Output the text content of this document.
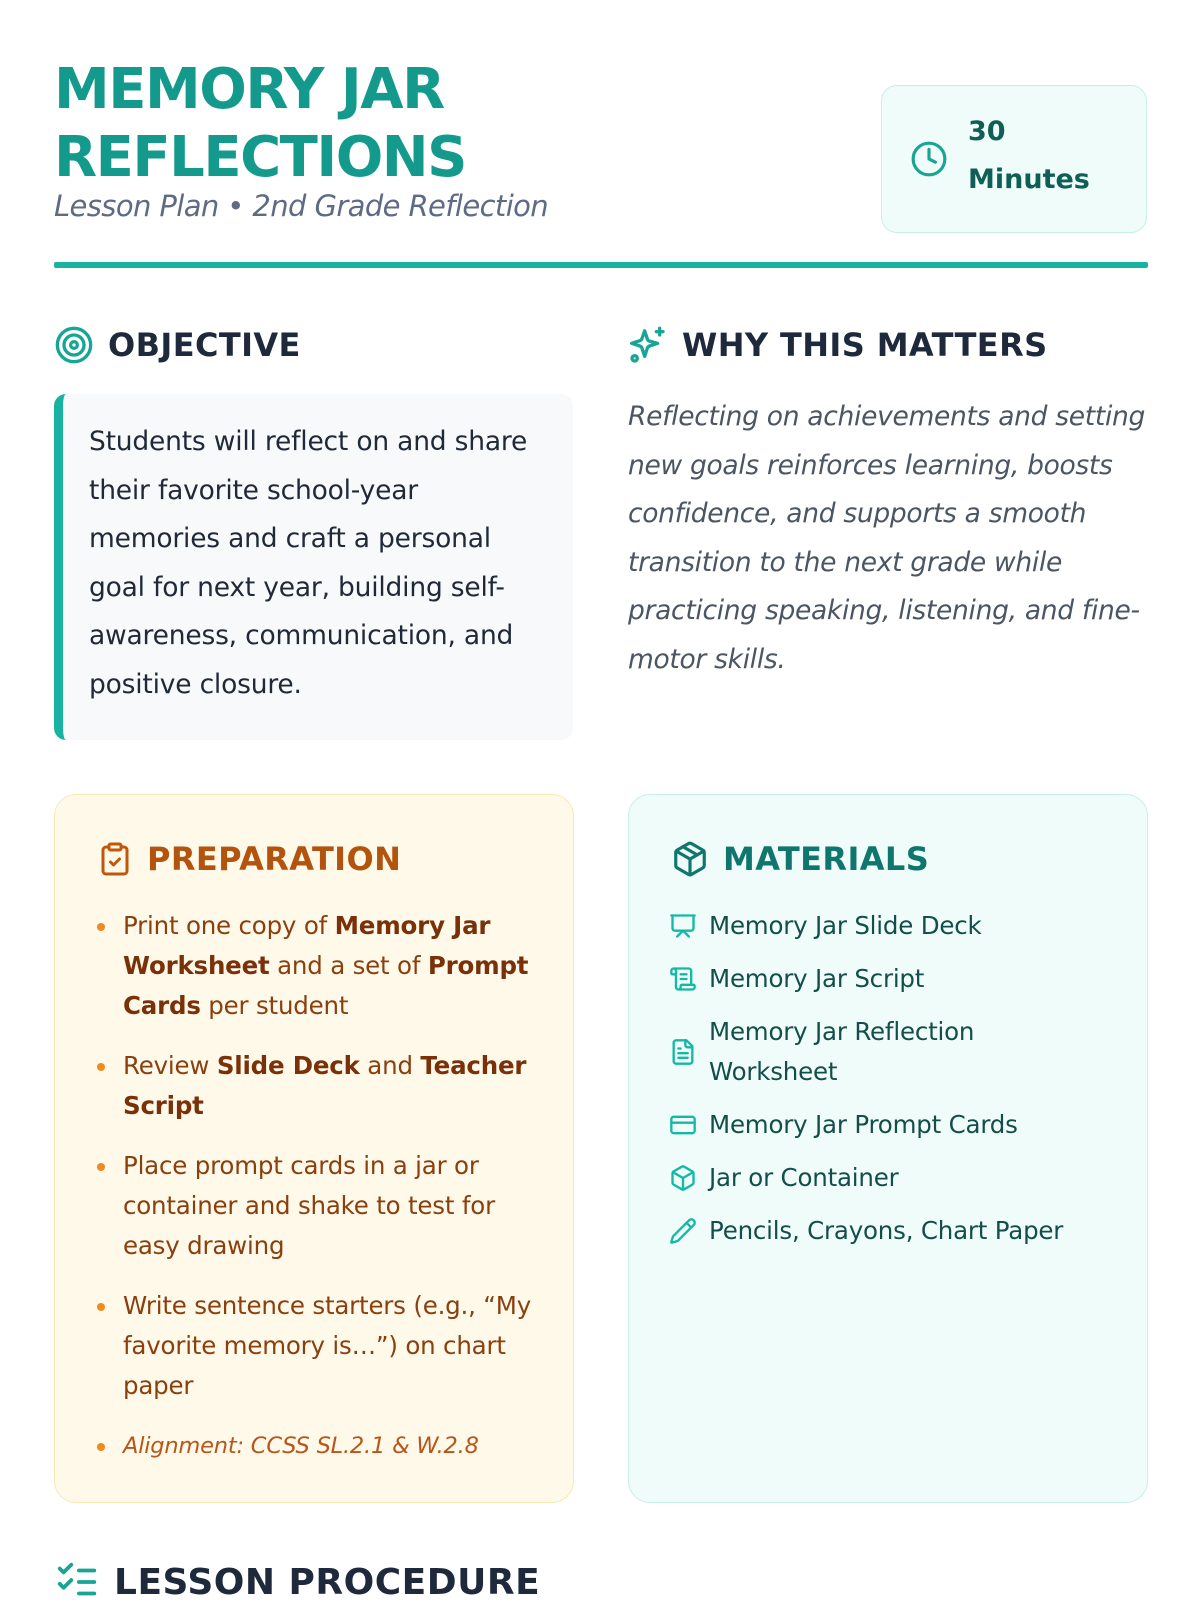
MEMORY JAR REFLECTIONS
Lesson Plan • 2nd Grade Reflection
30
Minutes
OBJECTIVE
Students will reflect on and share their favorite school-year memories and craft a personal goal for next year, building self-awareness, communication, and positive closure.
WHY THIS MATTERS
Reflecting on achievements and setting new goals reinforces learning, boosts confidence, and supports a smooth transition to the next grade while practicing speaking, listening, and fine-motor skills.
PREPARATION
Print one copy of Memory Jar Worksheet and a set of Prompt Cards per student
Review Slide Deck and Teacher Script
Place prompt cards in a jar or container and shake to test for easy drawing
Write sentence starters (e.g., “My favorite memory is…”) on chart paper
Alignment: CCSS SL.2.1 & W.2.8
MATERIALS
Memory Jar Slide Deck
Memory Jar Script
Memory Jar Reflection Worksheet
Memory Jar Prompt Cards
Jar or Container
Pencils, Crayons, Chart Paper
LESSON PROCEDURE
